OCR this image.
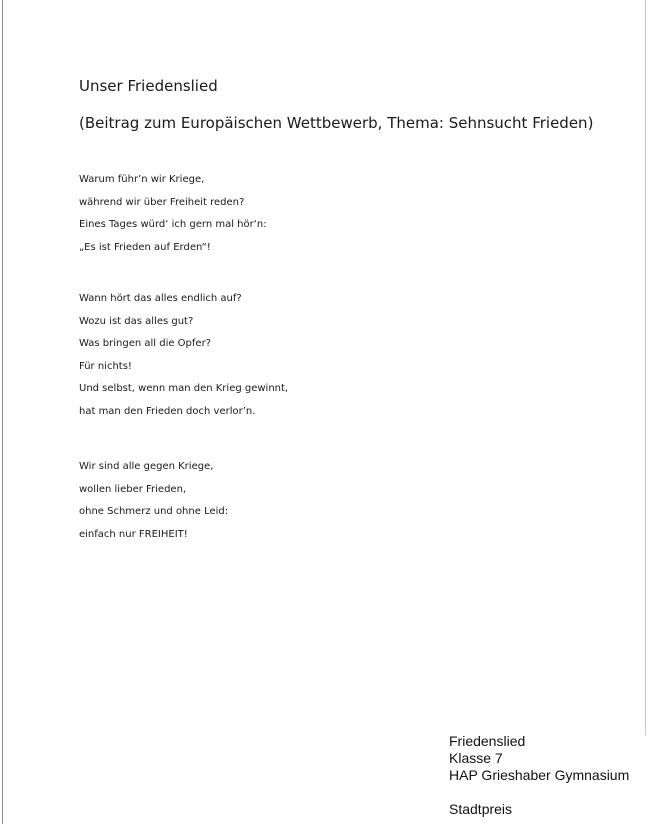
Unser Friedenslied
(Beitrag zum Europäischen Wettbewerb, Thema: Sehnsucht Frieden)
Warum führ’n wir Kriege,
während wir über Freiheit reden?
Eines Tages würd‘ ich gern mal hör‘n:
„Es ist Frieden auf Erden“!
Wann hört das alles endlich auf?
Wozu ist das alles gut?
Was bringen all die Opfer?
Für nichts!
Und selbst, wenn man den Krieg gewinnt,
hat man den Frieden doch verlor’n.
Wir sind alle gegen Kriege,
wollen lieber Frieden,
ohne Schmerz und ohne Leid:
einfach nur FREIHEIT!
Friedenslied
Klasse 7
HAP Grieshaber Gymnasium
Stadtpreis
